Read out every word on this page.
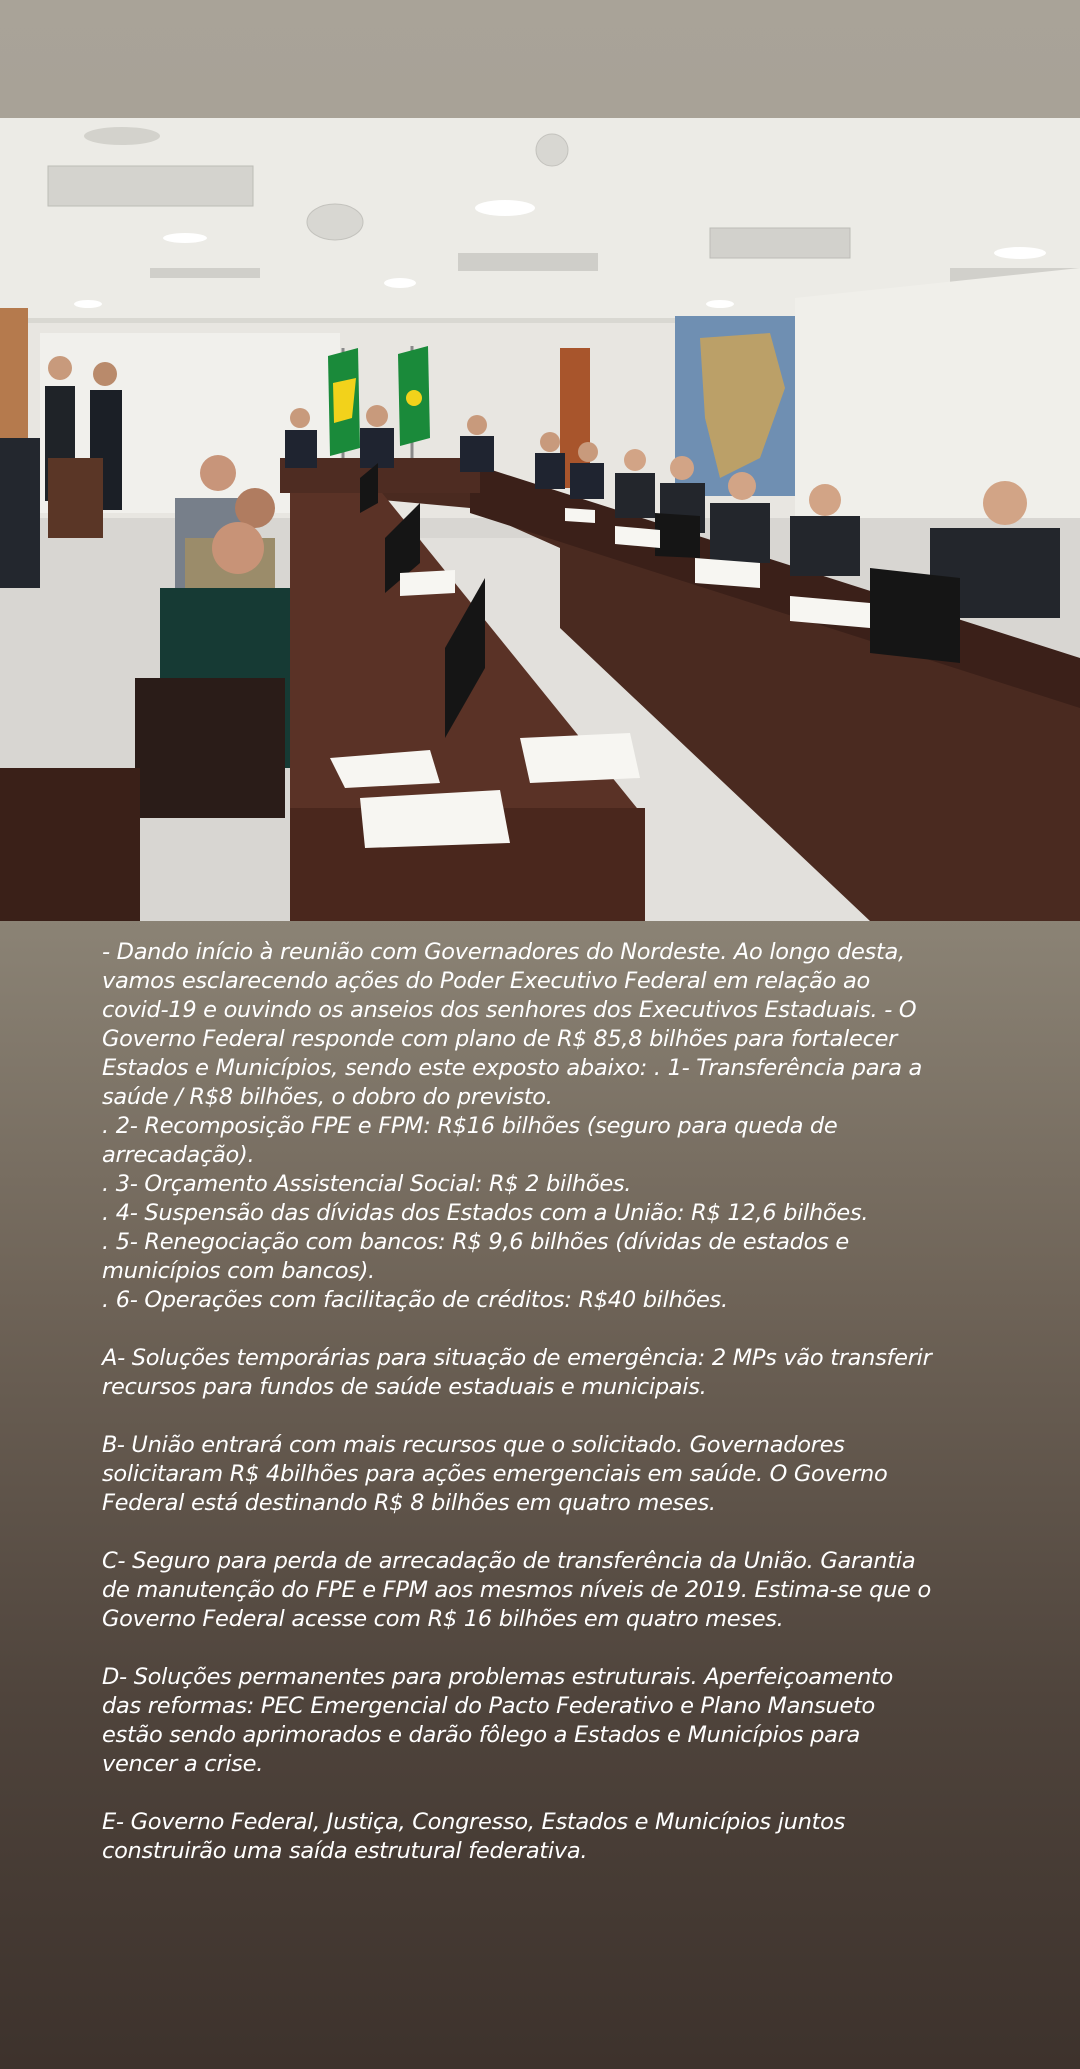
- Dando início à reunião com Governadores do Nordeste. Ao longo desta,
vamos esclarecendo ações do Poder Executivo Federal em relação ao
covid-19 e ouvindo os anseios dos senhores dos Executivos Estaduais. - O
Governo Federal responde com plano de R$ 85,8 bilhões para fortalecer
Estados e Municípios, sendo este exposto abaixo: . 1- Transferência para a
saúde / R$8 bilhões, o dobro do previsto.
. 2- Recomposição FPE e FPM: R$16 bilhões (seguro para queda de
arrecadação).
. 3- Orçamento Assistencial Social: R$ 2 bilhões.
. 4- Suspensão das dívidas dos Estados com a União: R$ 12,6 bilhões.
. 5- Renegociação com bancos: R$ 9,6 bilhões (dívidas de estados e
municípios com bancos).
. 6- Operações com facilitação de créditos: R$40 bilhões.
A- Soluções temporárias para situação de emergência: 2 MPs vão transferir
recursos para fundos de saúde estaduais e municipais.
B- União entrará com mais recursos que o solicitado. Governadores
solicitaram R$ 4bilhões para ações emergenciais em saúde. O Governo
Federal está destinando R$ 8 bilhões em quatro meses.
C- Seguro para perda de arrecadação de transferência da União. Garantia
de manutenção do FPE e FPM aos mesmos níveis de 2019. Estima-se que o
Governo Federal acesse com R$ 16 bilhões em quatro meses.
D- Soluções permanentes para problemas estruturais. Aperfeiçoamento
das reformas: PEC Emergencial do Pacto Federativo e Plano Mansueto
estão sendo aprimorados e darão fôlego a Estados e Municípios para
vencer a crise.
E- Governo Federal, Justiça, Congresso, Estados e Municípios juntos
construirão uma saída estrutural federativa.
